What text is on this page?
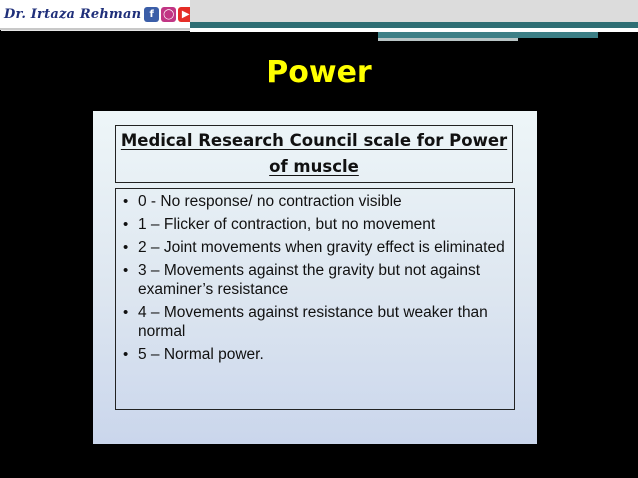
Dr. Irtaza Rehman f ◯ ▶
Power
Medical Research Council scale for Power of muscle
• 0 - No response/ no contraction visible
• 1 – Flicker of contraction, but no movement
• 2 – Joint movements when gravity effect is eliminated
• 3 – Movements against the gravity but not against examiner’s resistance
• 4 – Movements against resistance but weaker than normal
• 5 – Normal power.
